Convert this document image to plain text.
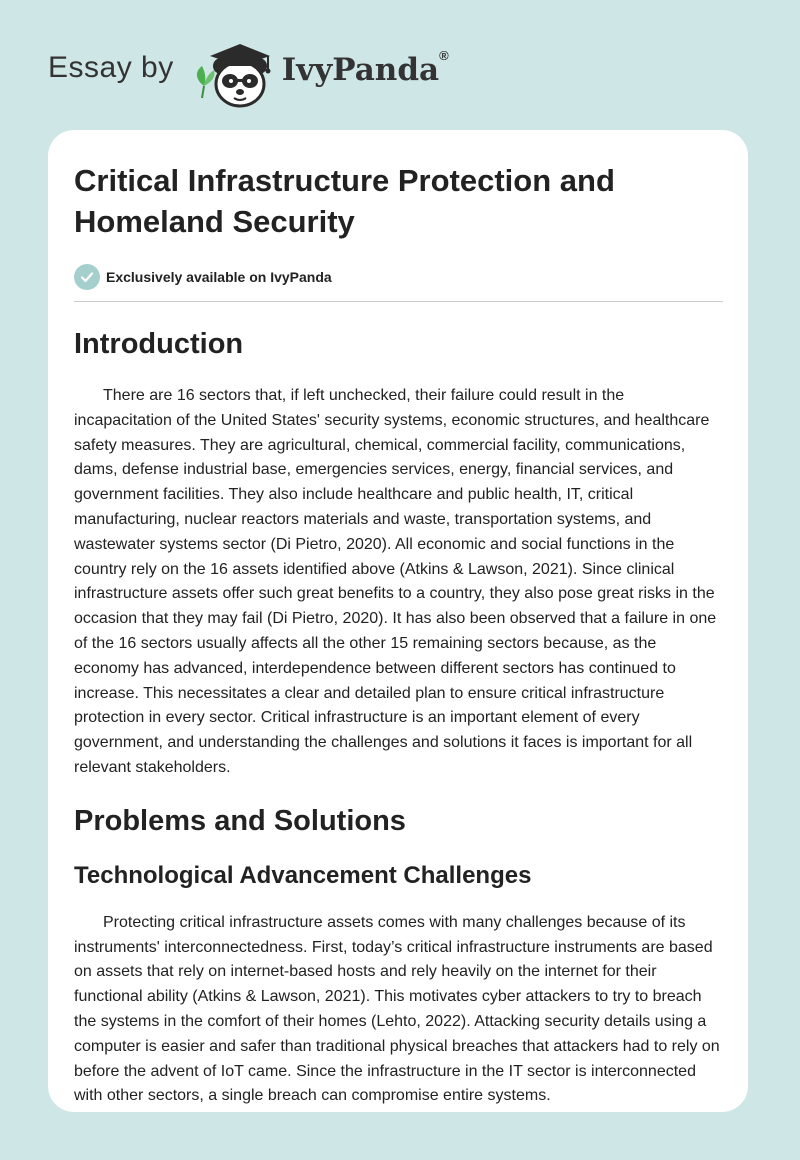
Essay by	IvyPanda®
Critical Infrastructure Protection and Homeland Security
Exclusively available on IvyPanda
Introduction

There are 16 sectors that, if left unchecked, their failure could result in the incapacitation of the United States' security systems, economic structures, and healthcare safety measures. They are agricultural, chemical, commercial facility, communications, dams, defense industrial base, emergencies services, energy, financial services, and government facilities. They also include healthcare and public health, IT, critical manufacturing, nuclear reactors materials and waste, transportation systems, and wastewater systems sector (Di Pietro, 2020). All economic and social functions in the country rely on the 16 assets identified above (Atkins & Lawson, 2021). Since clinical infrastructure assets offer such great benefits to a country, they also pose great risks in the occasion that they may fail (Di Pietro, 2020). It has also been observed that a failure in one of the 16 sectors usually affects all the other 15 remaining sectors because, as the economy has advanced, interdependence between different sectors has continued to increase. This necessitates a clear and detailed plan to ensure critical infrastructure protection in every sector. Critical infrastructure is an important element of every government, and understanding the challenges and solutions it faces is important for all relevant stakeholders.

Problems and Solutions
Technological Advancement Challenges

Protecting critical infrastructure assets comes with many challenges because of its instruments' interconnectedness. First, today’s critical infrastructure instruments are based on assets that rely on internet-based hosts and rely heavily on the internet for their functional ability (Atkins & Lawson, 2021). This motivates cyber attackers to try to breach the systems in the comfort of their homes (Lehto, 2022). Attacking security details using a computer is easier and safer than traditional physical breaches that attackers had to rely on before the advent of IoT came. Since the infrastructure in the IT sector is interconnected with other sectors, a single breach can compromise entire systems.
